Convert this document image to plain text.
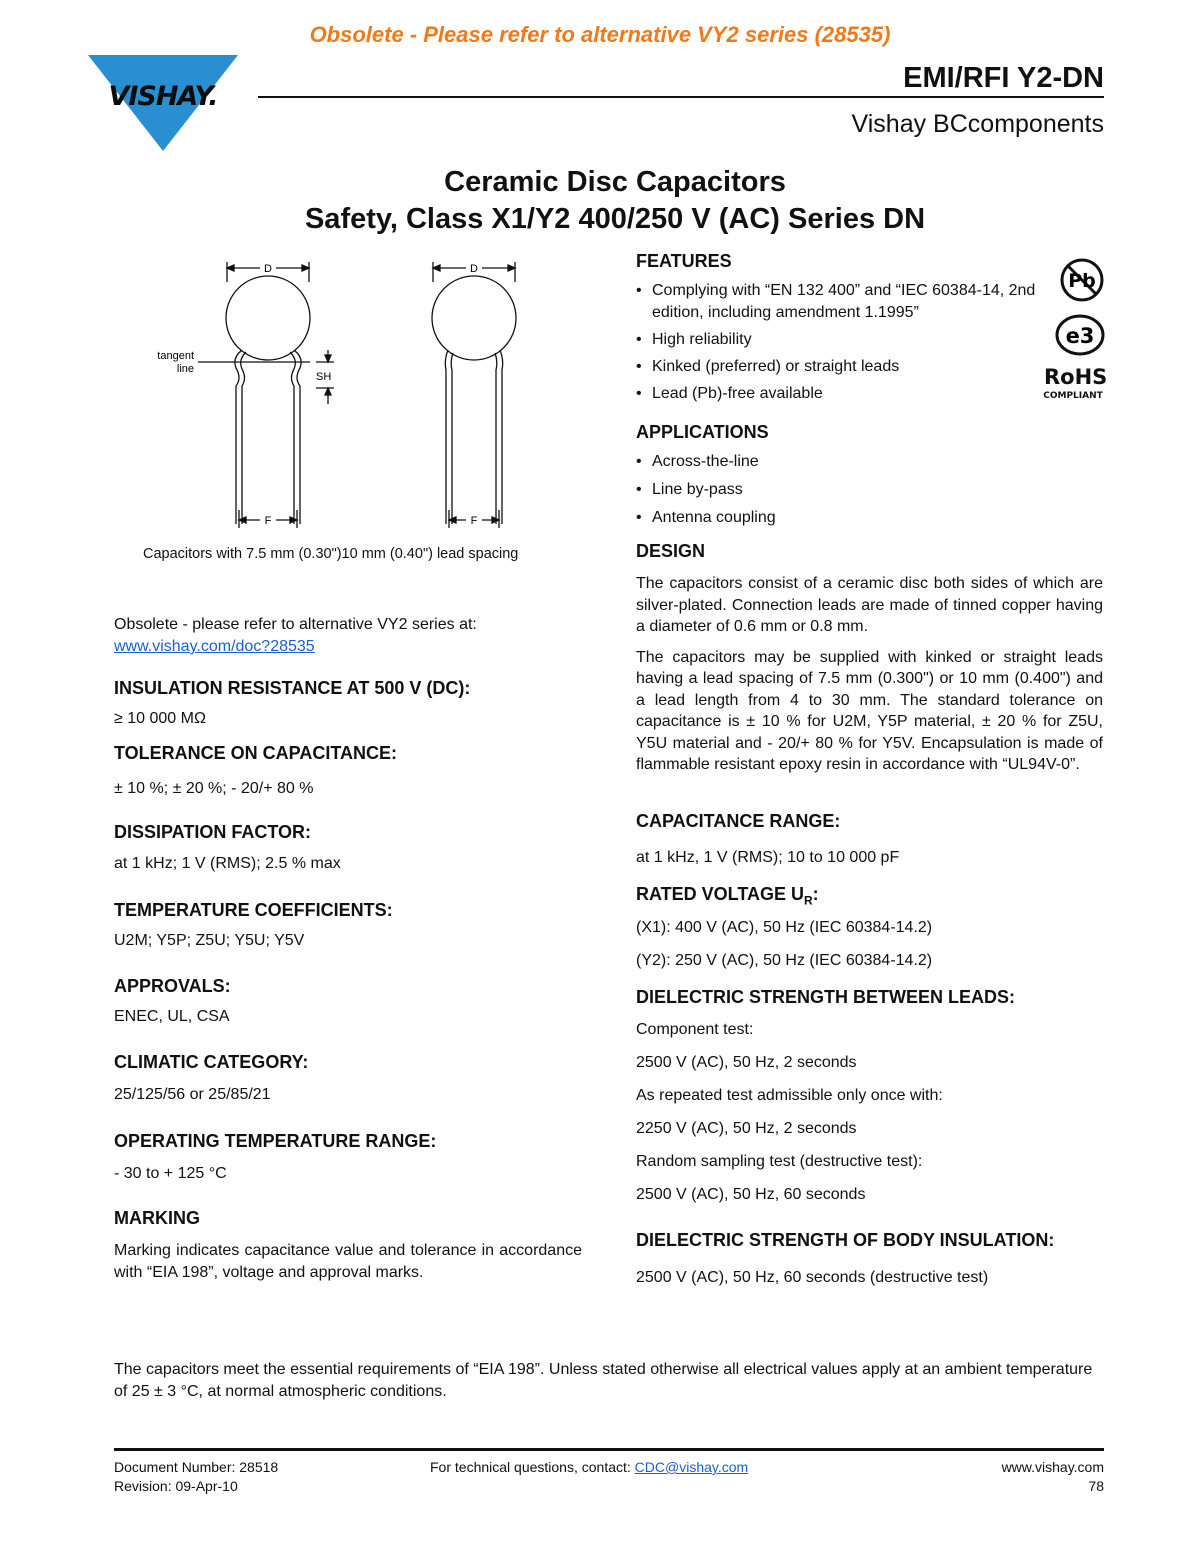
Obsolete - Please refer to alternative VY2 series (28535)
VISHAY.
EMI/RFI Y2-DN
Vishay BCcomponents
Ceramic Disc Capacitors
Safety, Class X1/Y2 400/250 V (AC) Series DN
D	D
F	F
SH
tangent
line
Capacitors with 7.5 mm (0.30")10 mm (0.40") lead spacing

Obsolete - please refer to alternative VY2 series at:

www.vishay.com/doc?28535

INSULATION RESISTANCE AT 500 V (DC):

≥ 10 000 MΩ

TOLERANCE ON CAPACITANCE:

± 10 %; ± 20 %; - 20/+ 80 %

DISSIPATION FACTOR:

at 1 kHz; 1 V (RMS); 2.5 % max

TEMPERATURE COEFFICIENTS:

U2M; Y5P; Z5U; Y5U; Y5V

APPROVALS:

ENEC, UL, CSA

CLIMATIC CATEGORY:

25/125/56 or 25/85/21

OPERATING TEMPERATURE RANGE:

- 30 to + 125 °C

MARKING

Marking indicates capacitance value and tolerance in accordance with “EIA 198”, voltage and approval marks.

FEATURES
• Complying with “EN 132 400” and “IEC 60384-14, 2nd edition, including amendment 1.1995”
• High reliability
• Kinked (preferred) or straight leads
• Lead (Pb)-free available
Pb
e3
RoHS
COMPLIANT
APPLICATIONS
• Across-the-line
• Line by-pass
• Antenna coupling
DESIGN

The capacitors consist of a ceramic disc both sides of which are silver-plated. Connection leads are made of tinned copper having a diameter of 0.6 mm or 0.8 mm.

The capacitors may be supplied with kinked or straight leads having a lead spacing of 7.5 mm (0.300") or 10 mm (0.400") and a lead length from 4 to 30 mm. The standard tolerance on capacitance is ± 10 % for U2M, Y5P material, ± 20 % for Z5U, Y5U material and - 20/+ 80 % for Y5V. Encapsulation is made of flammable resistant epoxy resin in accordance with “UL94V-0”.

CAPACITANCE RANGE:

at 1 kHz, 1 V (RMS); 10 to 10 000 pF

RATED VOLTAGE $U_R$:

(X1): 400 V (AC), 50 Hz (IEC 60384-14.2)

(Y2): 250 V (AC), 50 Hz (IEC 60384-14.2)

DIELECTRIC STRENGTH BETWEEN LEADS:

Component test:

2500 V (AC), 50 Hz, 2 seconds

As repeated test admissible only once with:

2250 V (AC), 50 Hz, 2 seconds

Random sampling test (destructive test):

2500 V (AC), 50 Hz, 60 seconds

DIELECTRIC STRENGTH OF BODY INSULATION:

2500 V (AC), 50 Hz, 60 seconds (destructive test)

The capacitors meet the essential requirements of “EIA 198”. Unless stated otherwise all electrical values apply at an ambient temperature of 25 ± 3 °C, at normal atmospheric conditions.

Document Number: 28518
Revision: 09-Apr-10
For technical questions, contact: CDC@vishay.com	www.vishay.com
78
